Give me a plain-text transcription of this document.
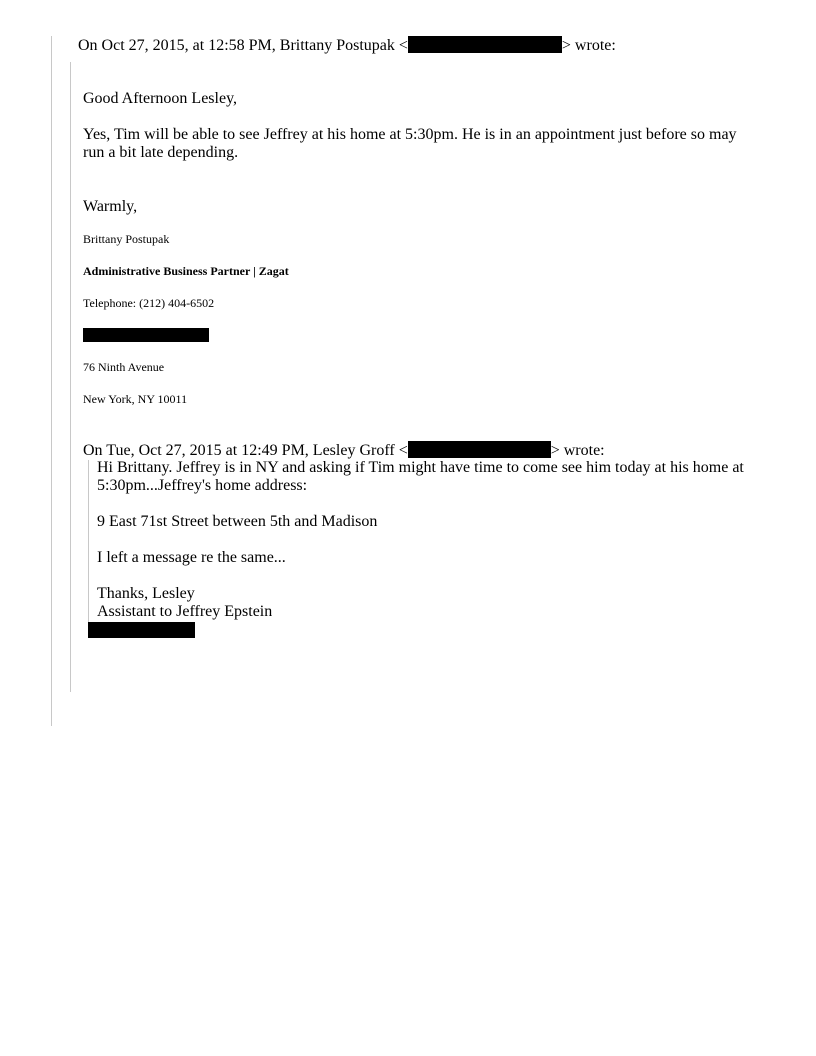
On Oct 27, 2015, at 12:58 PM, Brittany Postupak <	> wrote:
Good Afternoon Lesley,
Yes, Tim will be able to see Jeffrey at his home at 5:30pm. He is in an appointment just before so may
run a bit late depending.
Warmly,
Brittany Postupak
Administrative Business Partner | Zagat
Telephone: (212) 404-6502
76 Ninth Avenue
New York, NY 10011
On Tue, Oct 27, 2015 at 12:49 PM, Lesley Groff <	> wrote:
Hi Brittany. Jeffrey is in NY and asking if Tim might have time to come see him today at his home at
5:30pm...Jeffrey's home address:
9 East 71st Street between 5th and Madison
I left a message re the same...
Thanks, Lesley
Assistant to Jeffrey Epstein
